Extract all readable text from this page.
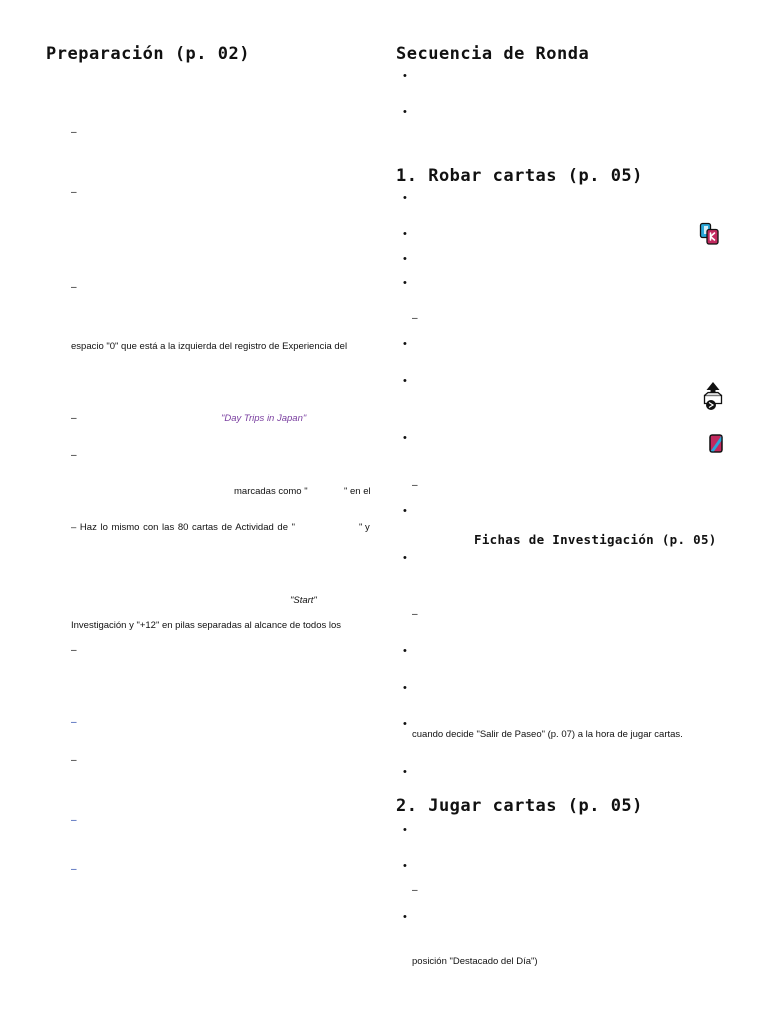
Preparación (p. 02)
–
–
–
espacio "0" que está a la izquierda del registro de Experiencia del
–	"Day Trips in Japan"
–
marcadas como "	" en el
– Haz lo mismo con las 80 cartas de Actividad de "	" y
"Start"
Investigación y "+12" en pilas separadas al alcance de todos los
–
–
–
–
–
Secuencia de Ronda
•
•
1. Robar cartas (p. 05)
•
•
•
•
–
•
•
•
–
•
Fichas de Investigación (p. 05)
•
–
•
•
•
cuando decide "Salir de Paseo" (p. 07) a la hora de jugar cartas.
•
2. Jugar cartas (p. 05)
•
•
–
•
posición "Destacado del Día")
